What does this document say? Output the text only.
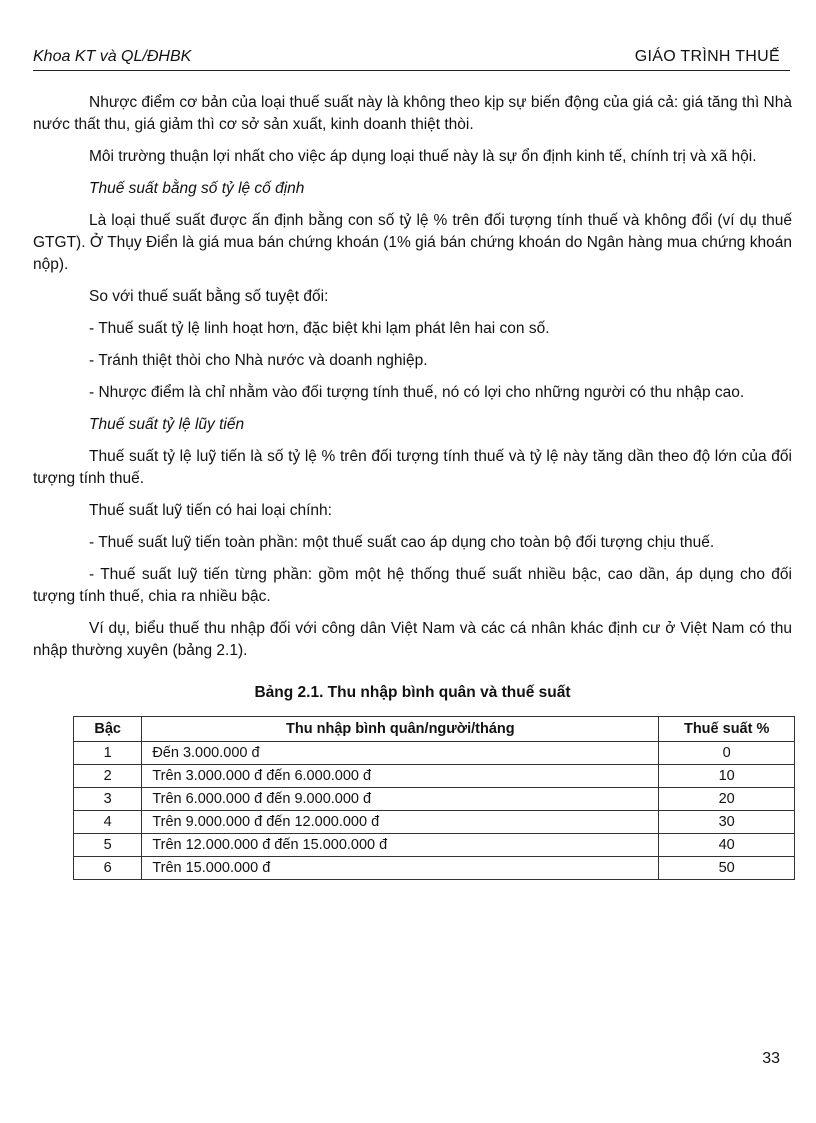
Khoa KT và QL/ĐHBK	GIÁO TRÌNH THUẾ

Nhược điểm cơ bản của loại thuế suất này là không theo kịp sự biến động của giá cả: giá tăng thì Nhà nước thất thu, giá giảm thì cơ sở sản xuất, kinh doanh thiệt thòi.

Môi trường thuận lợi nhất cho việc áp dụng loại thuế này là sự ổn định kinh tế, chính trị và xã hội.

Thuế suất bằng số tỷ lệ cố định

Là loại thuế suất được ấn định bằng con số tỷ lệ % trên đối tượng tính thuế và không đổi (ví dụ thuế GTGT). Ở Thụy Điển là giá mua bán chứng khoán (1% giá bán chứng khoán do Ngân hàng mua chứng khoán nộp).

So với thuế suất bằng số tuyệt đối:

- Thuế suất tỷ lệ linh hoạt hơn, đặc biệt khi lạm phát lên hai con số.

- Tránh thiệt thòi cho Nhà nước và doanh nghiệp.

- Nhược điểm là chỉ nhằm vào đối tượng tính thuế, nó có lợi cho những người có thu nhập cao.

Thuế suất tỷ lệ lũy tiến

Thuế suất tỷ lệ luỹ tiến là số tỷ lệ % trên đối tượng tính thuế và tỷ lệ này tăng dần theo độ lớn của đối tượng tính thuế.

Thuế suất luỹ tiến có hai loại chính:

- Thuế suất luỹ tiến toàn phần: một thuế suất cao áp dụng cho toàn bộ đối tượng chịu thuế.

- Thuế suất luỹ tiến từng phần: gồm một hệ thống thuế suất nhiều bậc, cao dần, áp dụng cho đối tượng tính thuế, chia ra nhiều bậc.

Ví dụ, biểu thuế thu nhập đối với công dân Việt Nam và các cá nhân khác định cư ở Việt Nam có thu nhập thường xuyên (bảng 2.1).

Bảng 2.1. Thu nhập bình quân và thuế suất
Bậc	Thu nhập bình quân/người/tháng	Thuế suất %
1	Đến 3.000.000 đ	0
2	Trên 3.000.000 đ đến 6.000.000 đ	10
3	Trên 6.000.000 đ đến 9.000.000 đ	20
4	Trên 9.000.000 đ đến 12.000.000 đ	30
5	Trên 12.000.000 đ đến 15.000.000 đ	40
6	Trên 15.000.000 đ	50
33
